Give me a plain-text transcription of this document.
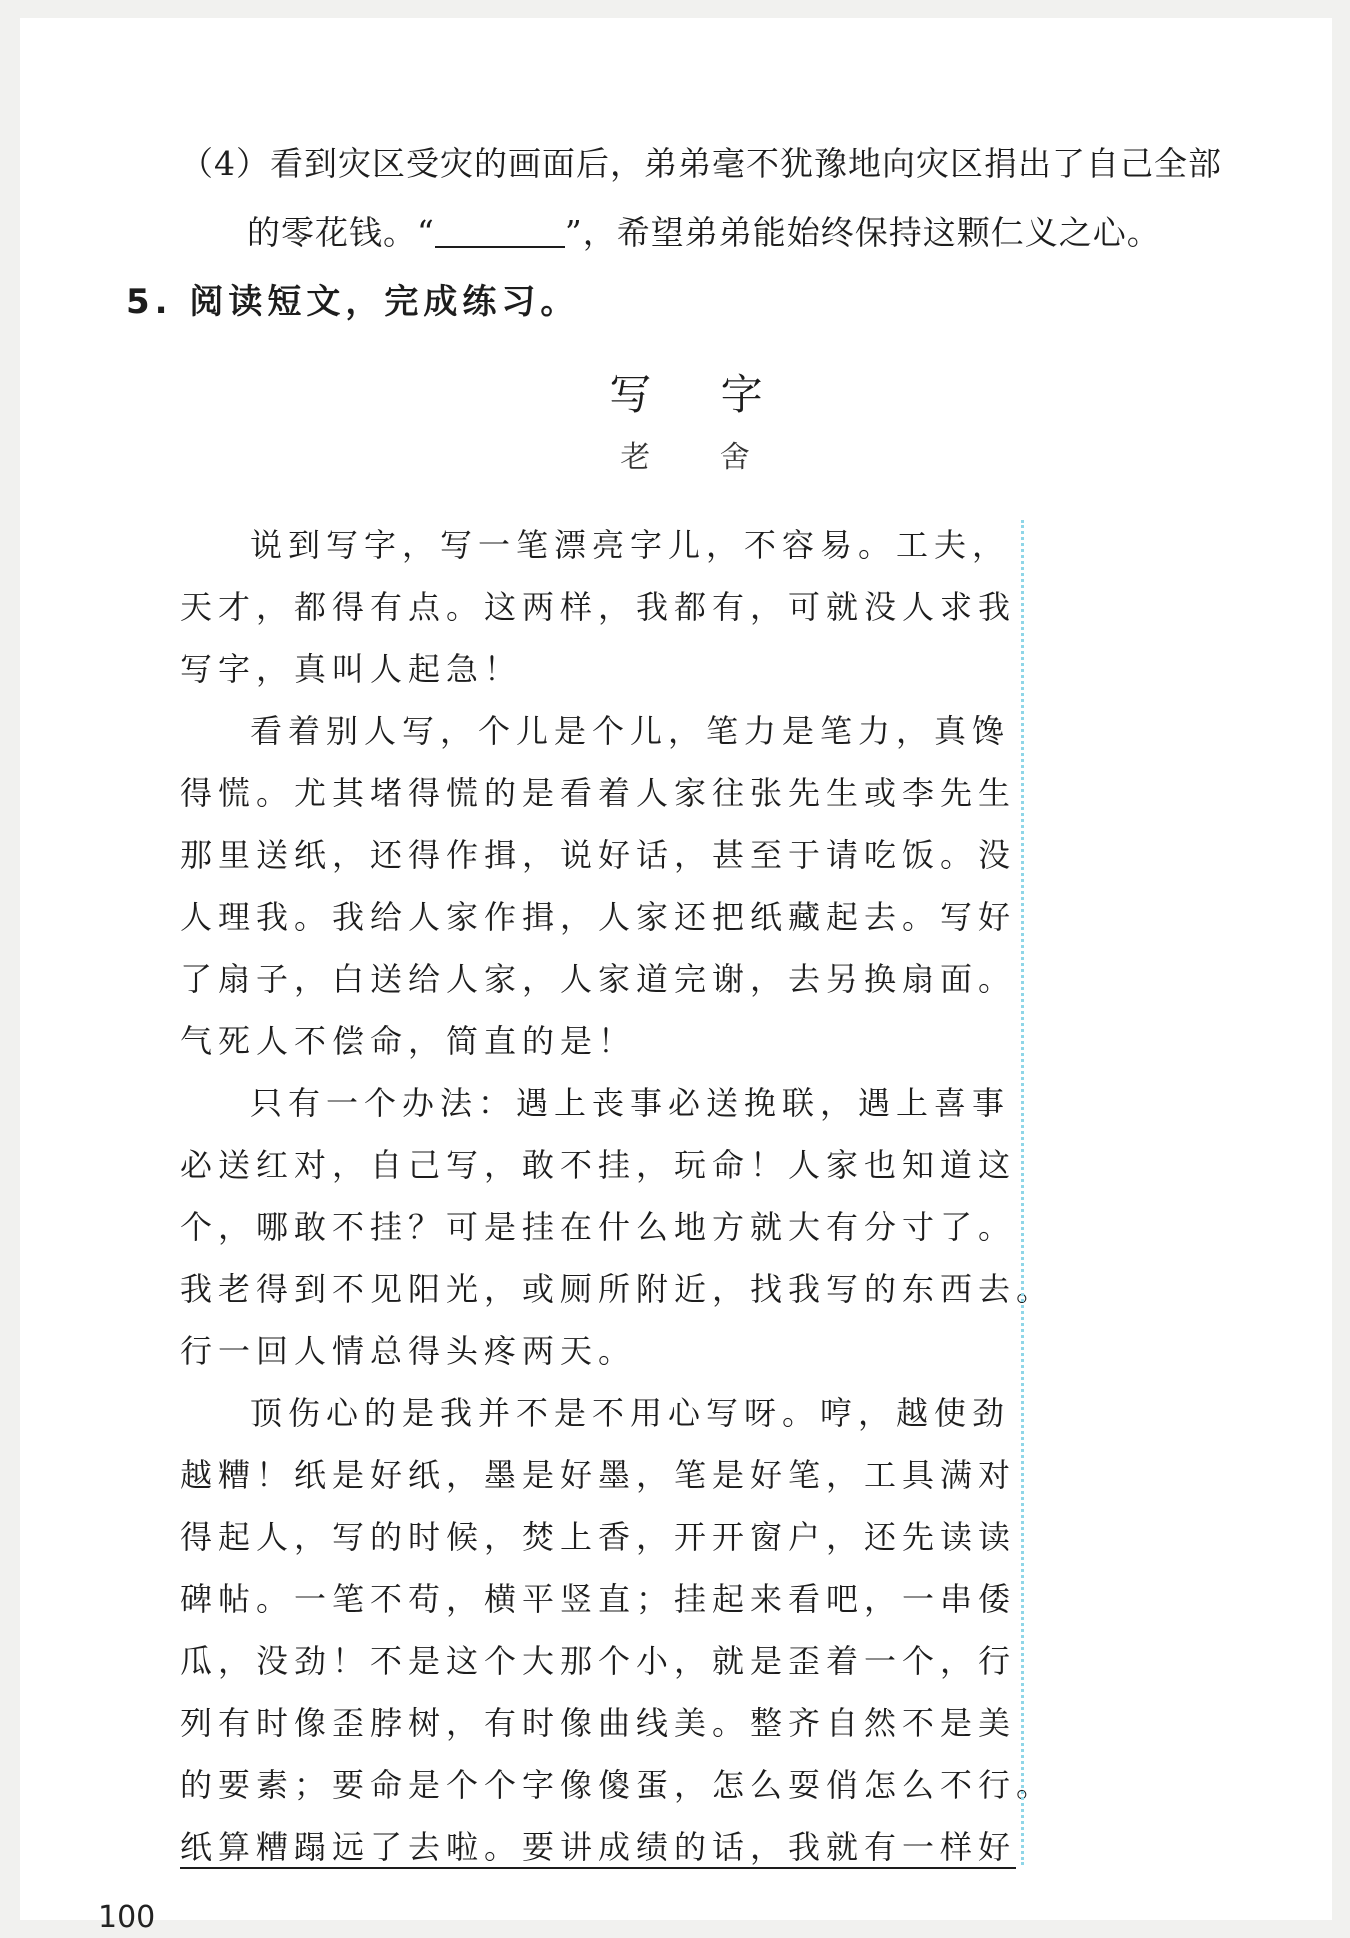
（4）看到灾区受灾的画面后，弟弟毫不犹豫地向灾区捐出了自己全部
的零花钱。“	”，希望弟弟能始终保持这颗仁义之心。
5. 阅读短文，完成练习。
写 字
老 舍
说到写字，写一笔漂亮字儿，不容易。工夫，
天才，都得有点。这两样，我都有，可就没人求我
写字，真叫人起急！
看着别人写，个儿是个儿，笔力是笔力，真馋
得慌。尤其堵得慌的是看着人家往张先生或李先生
那里送纸，还得作揖，说好话，甚至于请吃饭。没
人理我。我给人家作揖，人家还把纸藏起去。写好
了扇子，白送给人家，人家道完谢，去另换扇面。
气死人不偿命，简直的是！
只有一个办法：遇上丧事必送挽联，遇上喜事
必送红对，自己写，敢不挂，玩命！人家也知道这
个，哪敢不挂？可是挂在什么地方就大有分寸了。
我老得到不见阳光，或厕所附近，找我写的东西去。
行一回人情总得头疼两天。
顶伤心的是我并不是不用心写呀。哼，越使劲
越糟！纸是好纸，墨是好墨，笔是好笔，工具满对
得起人，写的时候，焚上香，开开窗户，还先读读
碑帖。一笔不苟，横平竖直；挂起来看吧，一串倭
瓜，没劲！不是这个大那个小，就是歪着一个，行
列有时像歪脖树，有时像曲线美。整齐自然不是美
的要素；要命是个个字像傻蛋，怎么耍俏怎么不行。
纸算糟蹋远了去啦。要讲成绩的话，我就有一样好
100
